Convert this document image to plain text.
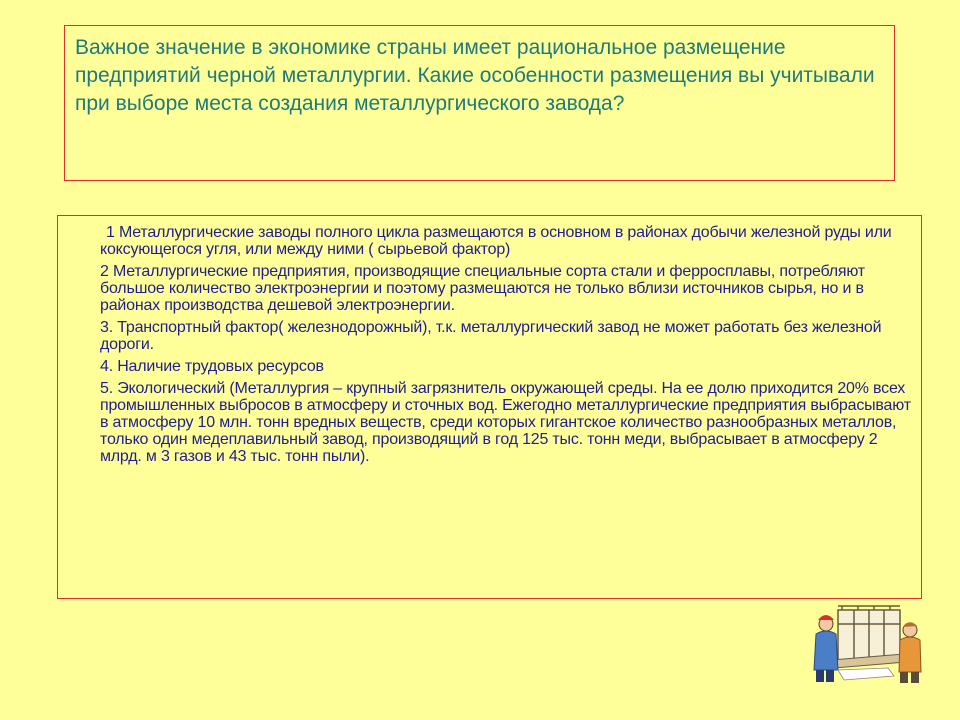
Важное значение в экономике страны имеет рациональное размещение предприятий черной металлургии. Какие особенности размещения вы учитывали при выборе места создания металлургического завода?

1 Металлургические заводы полного цикла размещаются в основном в районах добычи железной руды или коксующегося угля, или между ними ( сырьевой фактор)
2 Металлургические предприятия, производящие специальные сорта стали и ферросплавы, потребляют большое количество электроэнергии и поэтому размещаются не только вблизи источников сырья, но и в районах производства дешевой электроэнергии.
3. Транспортный фактор( железнодорожный), т.к. металлургический завод не может работать без железной дороги.
4. Наличие трудовых ресурсов
5. Экологический (Металлургия – крупный загрязнитель окружающей среды. На ее долю приходится 20% всех промышленных выбросов в атмосферу и сточных вод. Ежегодно металлургические предприятия выбрасывают в атмосферу 10 млн. тонн вредных веществ, среди которых гигантское количество разнообразных металлов, только один медеплавильный завод, производящий в год 125 тыс. тонн меди, выбрасывает в атмосферу 2 млрд. м 3 газов и 43 тыс. тонн пыли).
